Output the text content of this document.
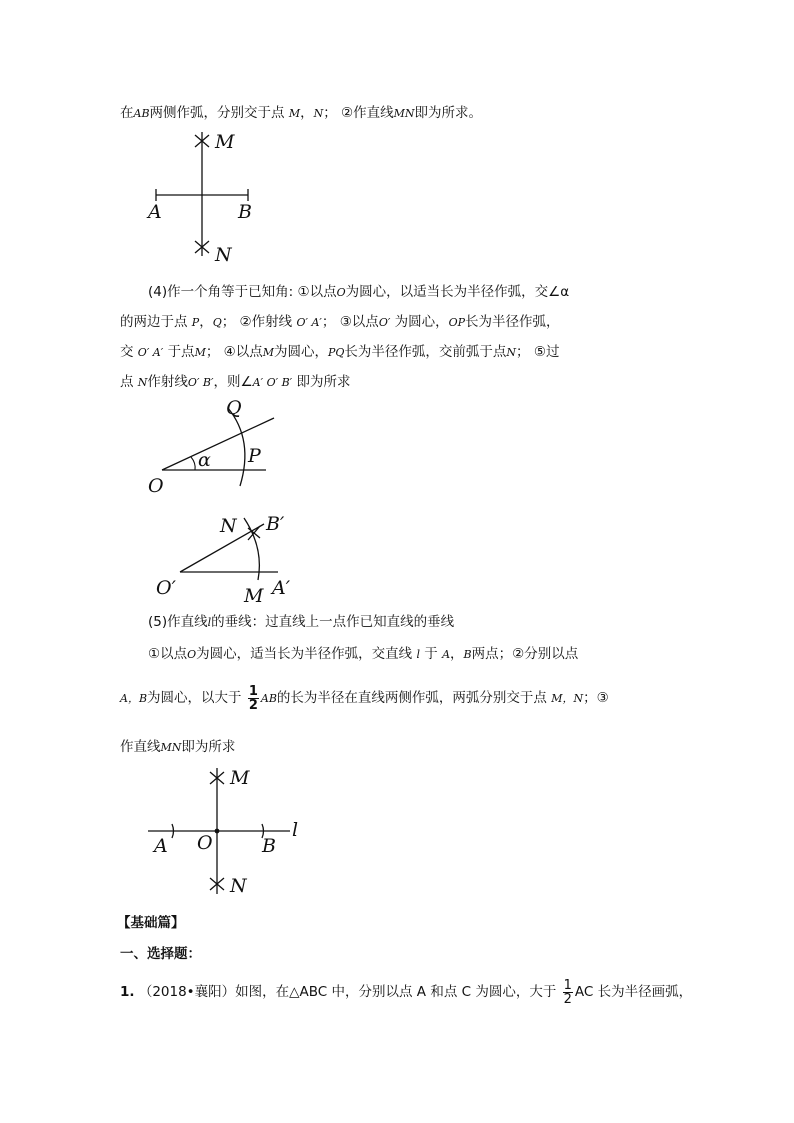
在AB两侧作弧，分别交于点 M，N； ②作直线MN即为所求。
M
N
A	B
(4)作一个角等于已知角: ①以点O为圆心，以适当长为半径作弧，交∠α
的两边于点 P，Q； ②作射线 O′ A′； ③以点O′ 为圆心，OP长为半径作弧，
交 O′ A′ 于点M； ④以点M为圆心，PQ长为半径作弧，交前弧于点N； ⑤过
点 N作射线O′ B′，则∠A′ O′ B′ 即为所求
Q
P
O
α
N B′
O′	M A′
(5)作直线l的垂线：过直线上一点作已知直线的垂线
①以点O为圆心，适当长为半径作弧，交直线 l 于 A，B两点；②分别以点
A，B为圆心，以大于 $\frac{1}{2}$ AB的长为半径在直线两侧作弧，两弧分别交于点 M，N；③
作直线MN即为所求
M
N
A O	B
l
【基础篇】
一、选择题：
1. （2018•襄阳）如图，在△ABC 中，分别以点 A 和点 C 为圆心，大于 $\frac{1}{2}$ AC 长为半径画弧，
